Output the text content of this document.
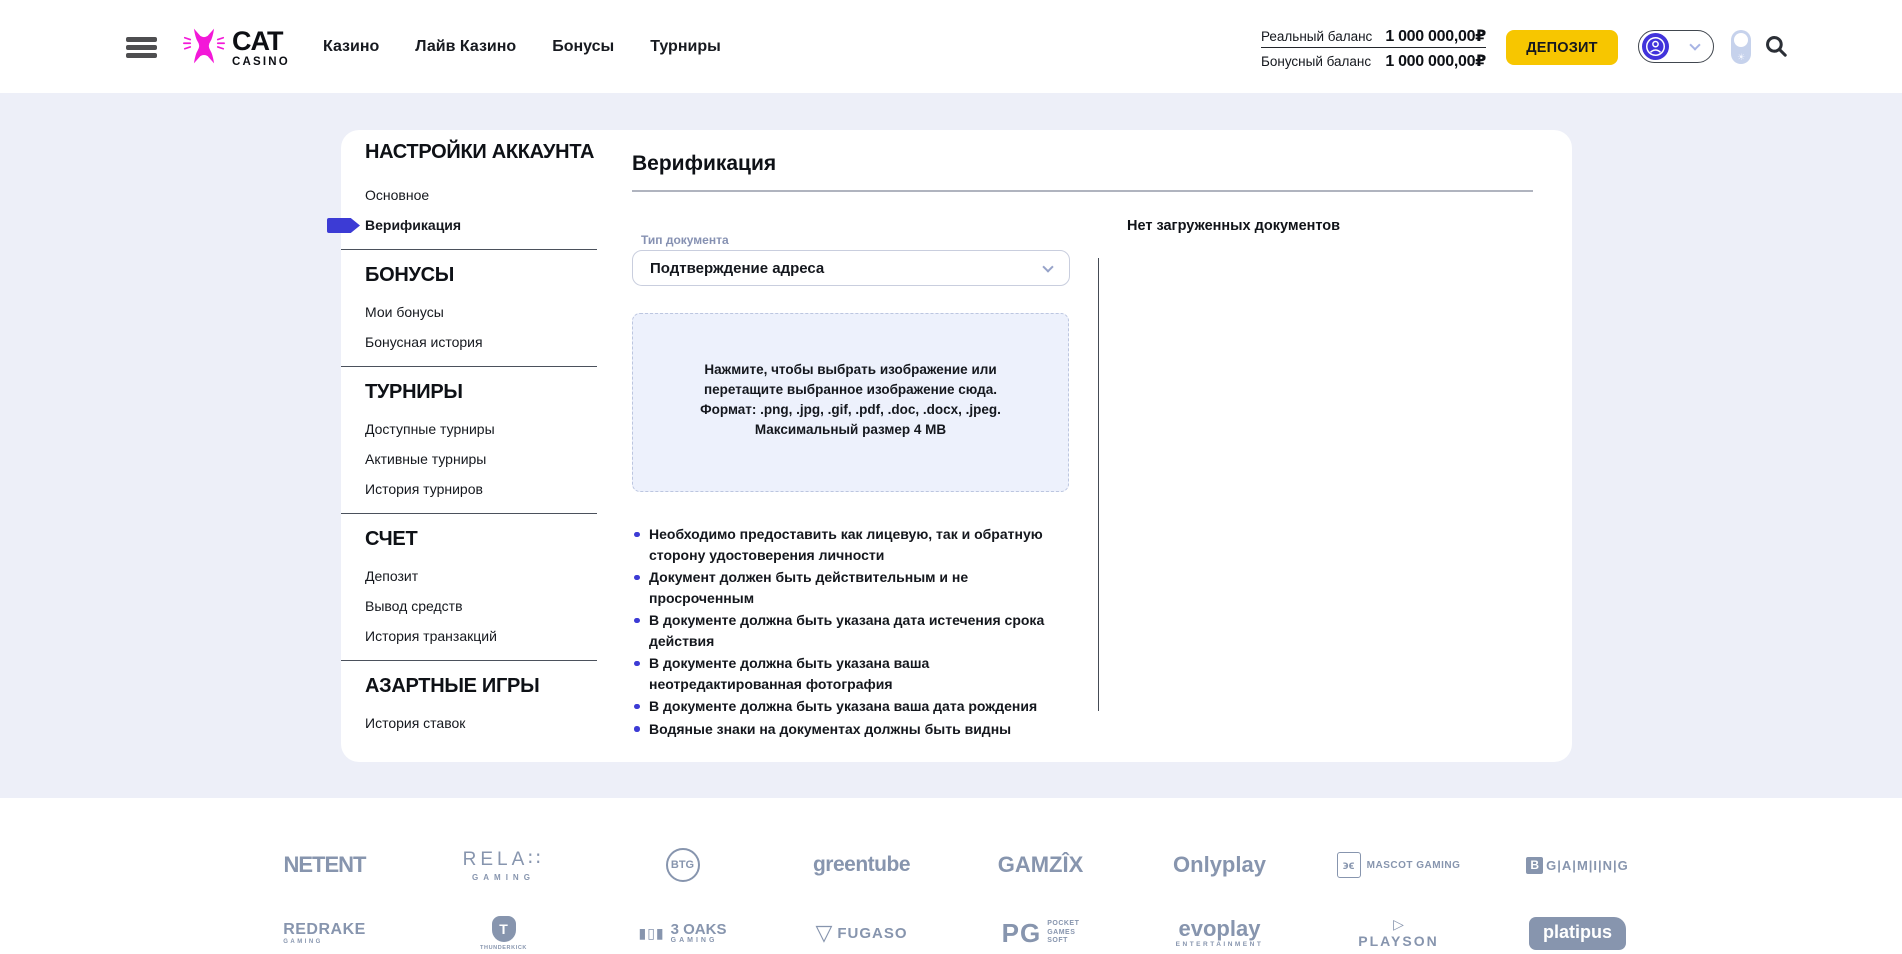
CAT
CASINO
Казино Лайв Казино Бонусы Турниры
Реальный баланс 1 000 000,00₽
Бонусный баланс 1 000 000,00₽
ДЕПОЗИТ
☀
НАСТРОЙКИ АККАУНТА
Основное
Верификация
БОНУСЫ
Мои бонусы
Бонусная история
ТУРНИРЫ
Доступные турниры
Активные турниры
История турниров
СЧЕТ
Депозит
Вывод средств
История транзакций
АЗАРТНЫЕ ИГРЫ
История ставок
Верификация
Тип документа
Подтверждение адреса

Нажмите, чтобы выбрать изображение или перетащите выбранное изображение сюда.

Формат: .png, .jpg, .gif, .pdf, .doc, .docx, .jpeg.

Максимальный размер 4 МВ

Необходимо предоставить как лицевую, так и обратную сторону удостоверения личности
Документ должен быть действительным и не просроченным
В документе должна быть указана дата истечения срока действия
В документе должна быть указана ваша неотредактированная фотография
В документе должна быть указана ваша дата рождения
Водяные знаки на документах должны быть видны
Нет загруженных документов
NETENT	RELA∷
GAMING
BTG	greentube	GAMZÎX	Onlyplay	϶ϵ	MASCOT GAMING	B G|A|M|I|N|G
REDRAKE
GAMING
T
THUNDERKICK
▮▯▮ 3 OAKS
GAMING	▽ FUGASO	PG POCKET
GAMES
SOFT
evoplay
ENTERTAINMENT
▷
PLAYSON	platipus
